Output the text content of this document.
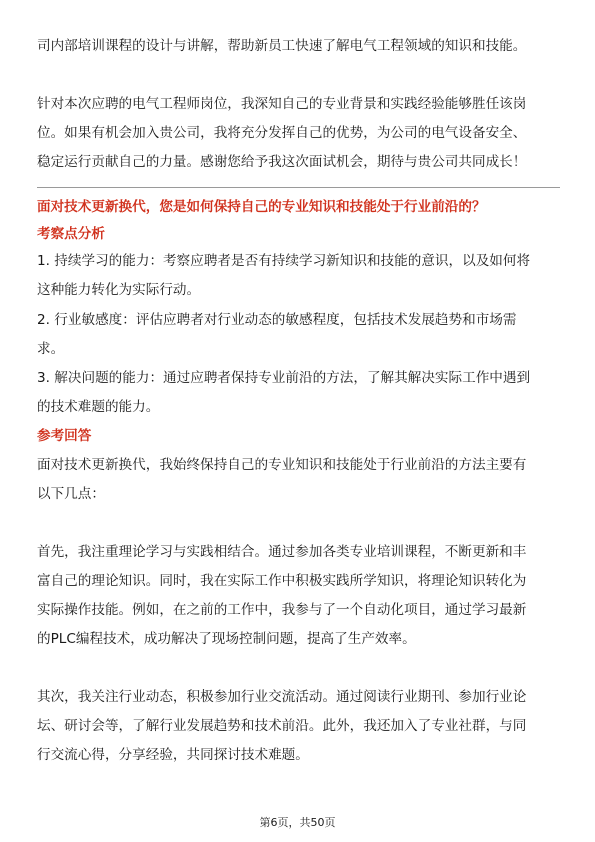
司内部培训课程的设计与讲解，帮助新员工快速了解电气工程领域的知识和技能。
针对本次应聘的电气工程师岗位，我深知自己的专业背景和实践经验能够胜任该岗
位。如果有机会加入贵公司，我将充分发挥自己的优势，为公司的电气设备安全、
稳定运行贡献自己的力量。感谢您给予我这次面试机会，期待与贵公司共同成长！
面对技术更新换代，您是如何保持自己的专业知识和技能处于行业前沿的？
考察点分析
1. 持续学习的能力：考察应聘者是否有持续学习新知识和技能的意识，以及如何将
这种能力转化为实际行动。
2. 行业敏感度：评估应聘者对行业动态的敏感程度，包括技术发展趋势和市场需
求。
3. 解决问题的能力：通过应聘者保持专业前沿的方法，了解其解决实际工作中遇到
的技术难题的能力。
参考回答
面对技术更新换代，我始终保持自己的专业知识和技能处于行业前沿的方法主要有
以下几点：
首先，我注重理论学习与实践相结合。通过参加各类专业培训课程，不断更新和丰
富自己的理论知识。同时，我在实际工作中积极实践所学知识，将理论知识转化为
实际操作技能。例如，在之前的工作中，我参与了一个自动化项目，通过学习最新
的PLC编程技术，成功解决了现场控制问题，提高了生产效率。
其次，我关注行业动态，积极参加行业交流活动。通过阅读行业期刊、参加行业论
坛、研讨会等，了解行业发展趋势和技术前沿。此外，我还加入了专业社群，与同
行交流心得，分享经验，共同探讨技术难题。
第6页，共50页
